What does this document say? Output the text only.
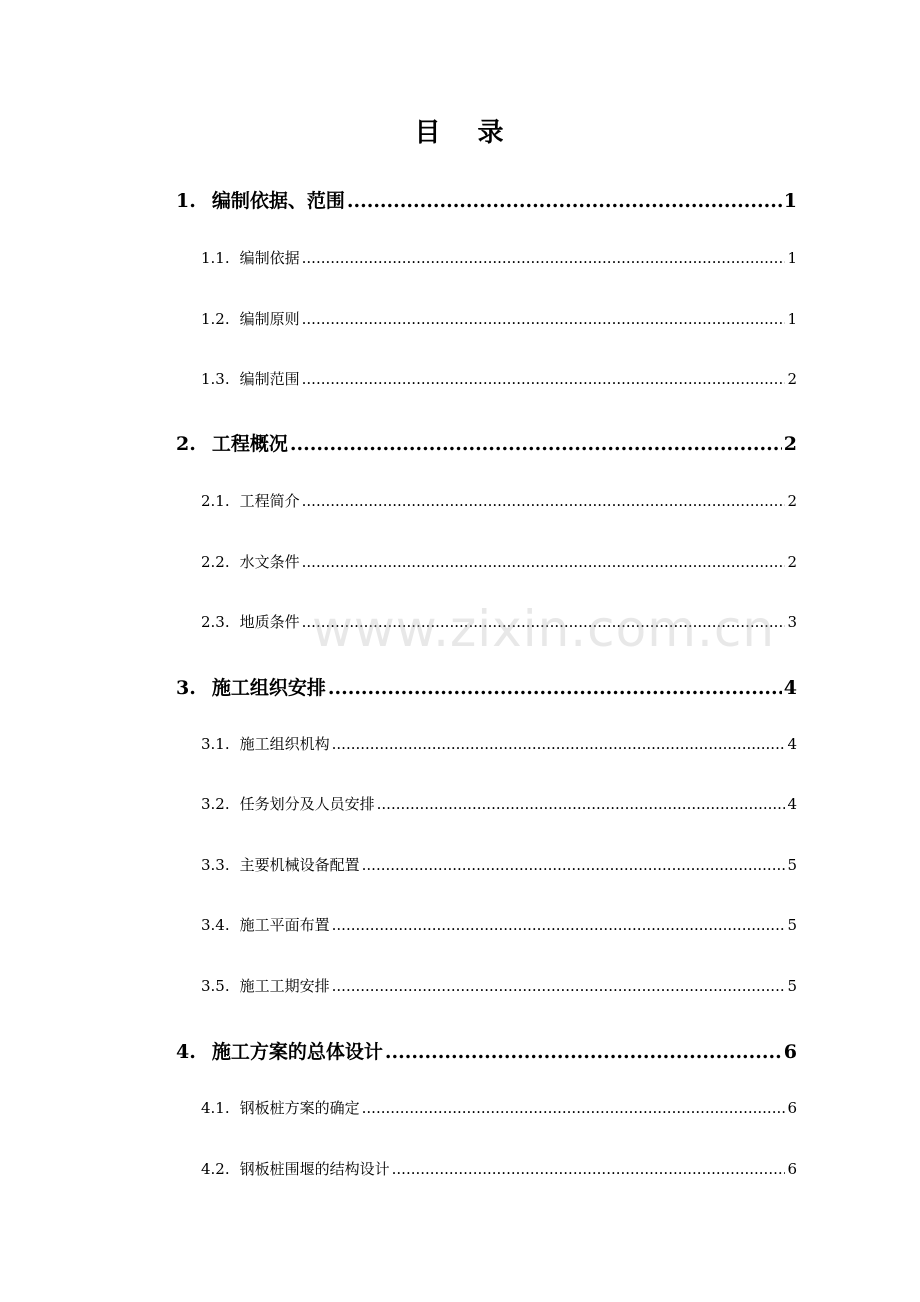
目 录
1. 编制依据、范围 .....	1
1.1. 编制依据 .....	1
1.2. 编制原则 .....	1
1.3. 编制范围 .....	2
2. 工程概况 .....	2
2.1. 工程简介 .....	2
2.2. 水文条件 .....	2
2.3. 地质条件 .....	3
3. 施工组织安排 .....	4
3.1. 施工组织机构 .....	4
3.2. 任务划分及人员安排 .....	4
3.3. 主要机械设备配置 .....	5
3.4. 施工平面布置 .....	5
3.5. 施工工期安排 .....	5
4. 施工方案的总体设计 .....	6
4.1. 钢板桩方案的确定 .....	6
4.2. 钢板桩围堰的结构设计 .....	6
www.zixin.com.cn
